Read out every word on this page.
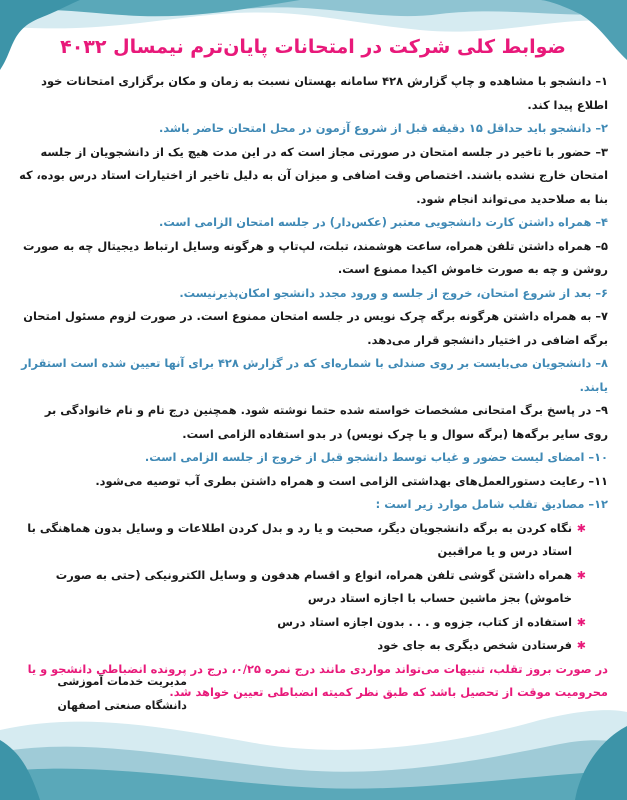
ضوابط کلی شرکت در امتحانات پایان‌ترم نیمسال ۴۰۳۲

۱– دانشجو با مشاهده و چاپ گزارش ۴۲۸ سامانه بهستان نسبت به زمان و مکان برگزاری امتحانات خود اطلاع پیدا کند.

۲– دانشجو باید حداقل ۱۵ دقیقه قبل از شروع آزمون در محل امتحان حاضر باشد.

۳– حضور با تاخیر در جلسه امتحان در صورتی مجاز است که در این مدت هیچ یک از دانشجویان از جلسه امتحان خارج نشده باشند. اختصاص وقت اضافی و میزان آن به دلیل تاخیر از اختیارات استاد درس بوده، که بنا به صلاحدید می‌تواند انجام شود.

۴– همراه داشتن کارت دانشجویی معتبر (عکس‌دار) در جلسه امتحان الزامی است.

۵– همراه داشتن تلفن همراه، ساعت هوشمند، تبلت، لپ‌تاپ و هرگونه وسایل ارتباط دیجیتال چه به صورت روشن و چه به صورت خاموش اکیدا ممنوع است.

۶– بعد از شروع امتحان، خروج از جلسه و ورود مجدد دانشجو امکان‌پذیرنیست.

۷– به همراه داشتن هرگونه برگه چرک نویس در جلسه امتحان ممنوع است. در صورت لزوم مسئول امتحان برگه اضافی در اختیار دانشجو قرار می‌دهد.

۸– دانشجویان می‌بایست بر روی صندلی با شماره‌ای که در گزارش ۴۲۸ برای آنها تعیین شده است استقرار یابند.

۹– در پاسخ برگ امتحانی مشخصات خواسته شده حتما نوشته شود. همچنین درج نام و نام خانوادگی بر روی سایر برگه‌ها (برگه سوال و یا چرک نویس) در بدو استفاده الزامی است.

۱۰– امضای لیست حضور و غیاب توسط دانشجو قبل از خروج از جلسه الزامی است.

۱۱– رعایت دستورالعمل‌های بهداشتی الزامی است و همراه داشتن بطری آب توصیه می‌شود.

۱۲– مصادیق تقلب شامل موارد زیر است :

✱
نگاه کردن به برگه دانشجویان دیگر، صحبت و یا رد و بدل کردن اطلاعات و وسایل بدون هماهنگی با استاد درس و یا مراقبین
✱
همراه داشتن گوشی تلفن همراه، انواع و اقسام هدفون و وسایل الکترونیکی (حتی به صورت خاموش) بجز ماشین حساب با اجازه استاد درس
✱
استفاده از کتاب، جزوه و . . . بدون اجازه استاد درس
✱
فرستادن شخص دیگری به جای خود

در صورت بروز تقلب، تنبیهات می‌تواند مواردی مانند درج نمره ۰/۲۵، درج در پرونده انضباطی دانشجو و یا محرومیت موقت از تحصیل باشد که طبق نظر کمیته انضباطی تعیین خواهد شد.

مدیریت خدمات آموزشی
دانشگاه صنعتی اصفهان
